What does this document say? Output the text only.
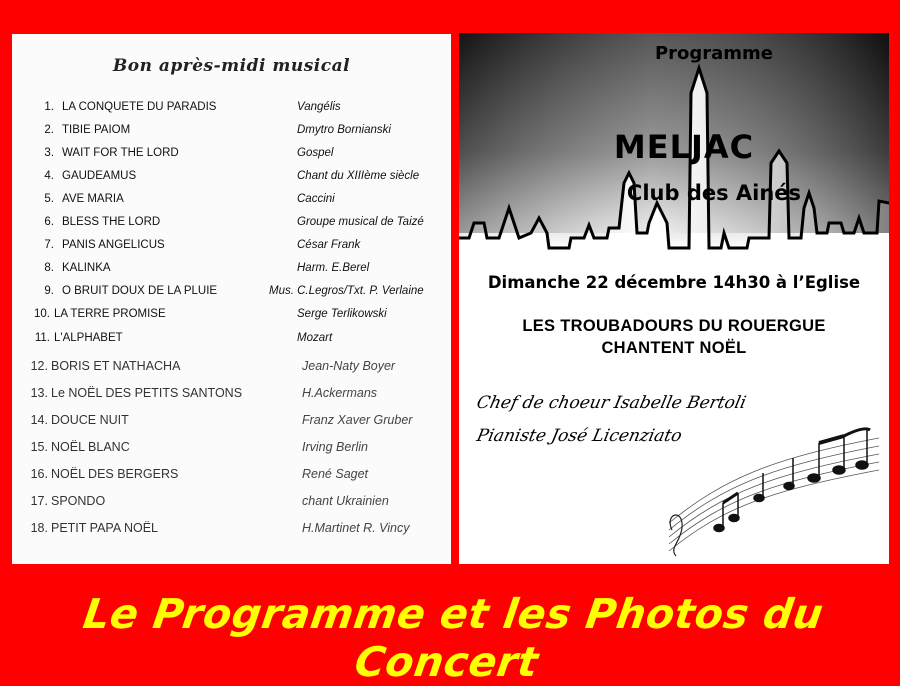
Bon après-midi musical
1. LA CONQUETE DU PARADIS	Vangélis
2. TIBIE PAIOM	Dmytro Bornianski
3. WAIT FOR THE LORD	Gospel
4. GAUDEAMUS	Chant du XIIIème siècle
5. AVE MARIA	Caccini
6. BLESS THE LORD	Groupe musical de Taizé
7. PANIS ANGELICUS	César Frank
8. KALINKA	Harm. E.Berel
9. O BRUIT DOUX DE LA PLUIE	Mus. C.Legros/Txt. P. Verlaine
10. LA TERRE PROMISE	Serge Terlikowski
11. L'ALPHABET	Mozart
12. BORIS ET NATHACHA	Jean-Naty Boyer
13. Le NOËL DES PETITS SANTONS	H.Ackermans
14. DOUCE NUIT	Franz Xaver Gruber
15. NOËL BLANC	Irving Berlin
16. NOËL DES BERGERS	René Saget
17. SPONDO	chant Ukrainien
18. PETIT PAPA NOËL	H.Martinet R. Vincy
Programme
MELJAC
Club des Ainés
Dimanche 22 décembre 14h30 à l’Eglise
LES TROUBADOURS DU ROUERGUE
CHANTENT NOËL
Chef de choeur Isabelle Bertoli
Pianiste José Licenziato
Le Programme et les Photos du Concert
